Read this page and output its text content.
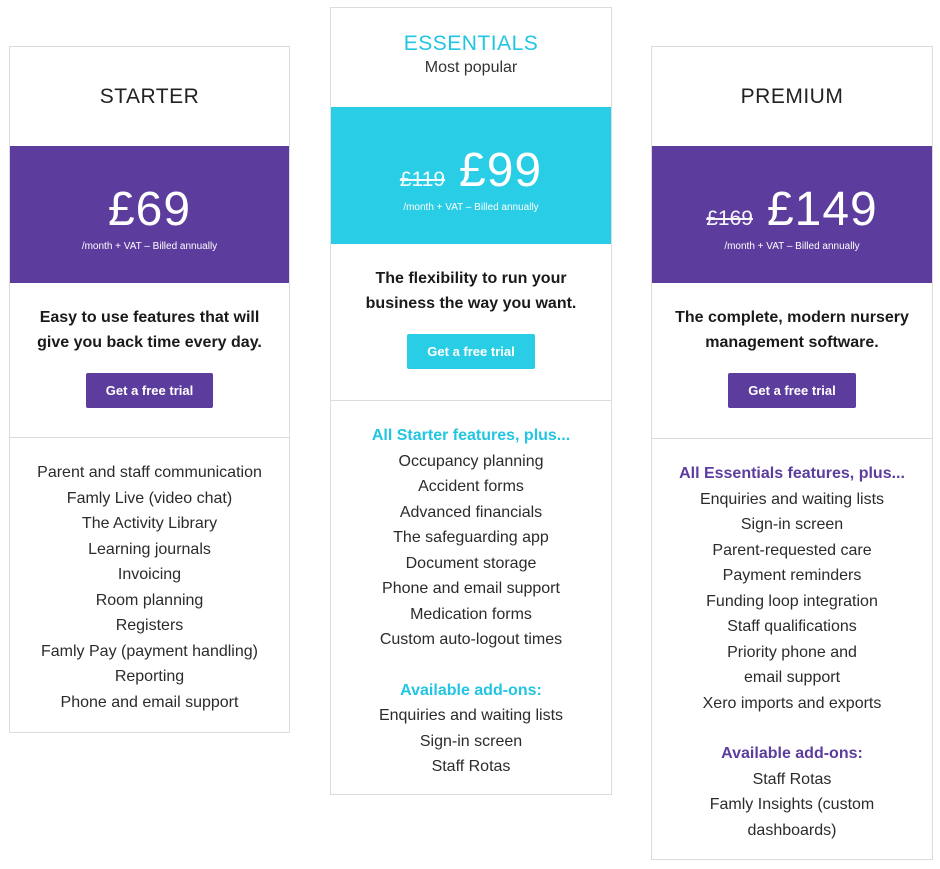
STARTER
£69
/month + VAT – Billed annually
Easy to use features that will give you back time every day.
Get a free trial
Parent and staff communication
Famly Live (video chat)
The Activity Library
Learning journals
Invoicing
Room planning
Registers
Famly Pay (payment handling)
Reporting
Phone and email support
ESSENTIALS
Most popular
£119 £99
/month + VAT – Billed annually
The flexibility to run your business the way you want.
Get a free trial
All Starter features, plus...
Occupancy planning
Accident forms
Advanced financials
The safeguarding app
Document storage
Phone and email support
Medication forms
Custom auto-logout times
Available add-ons:
Enquiries and waiting lists
Sign-in screen
Staff Rotas
PREMIUM
£169 £149
/month + VAT – Billed annually
The complete, modern nursery management software.
Get a free trial
All Essentials features, plus...
Enquiries and waiting lists
Sign-in screen
Parent-requested care
Payment reminders
Funding loop integration
Staff qualifications
Priority phone and email support
Xero imports and exports
Available add-ons:
Staff Rotas
Famly Insights (custom dashboards)
